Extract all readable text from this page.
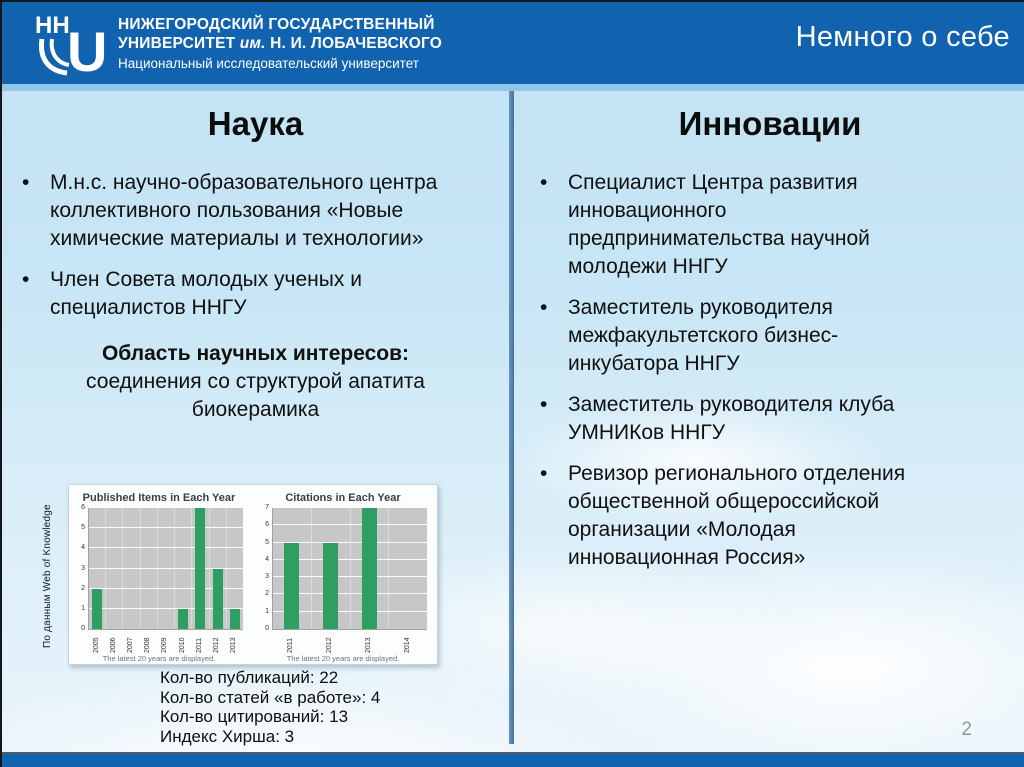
НН
U НИЖЕГОРОДСКИЙ ГОСУДАРСТВЕННЫЙ
УНИВЕРСИТЕТ им. Н. И. ЛОБАЧЕВСКОГО
Национальный исследовательский университет
Немного о себе
Наука
• М.н.с. научно-образовательного центра коллективного пользования «Новые химические материалы и технологии»
• Член Совета молодых ученых и специалистов ННГУ
Область научных интересов:
соединения со структурой апатита
биокерамика
По данным Web of Knowledge
Published Items in Each Year
0
1
2
3
4
5
6
2005 2006 2007 2008 2009 2010 2011 2012 2013
The latest 20 years are displayed.
Citations in Each Year
0
1
2
3
4
5
6
7
2011	2012	2013	2014
The latest 20 years are displayed.
Кол-во публикаций: 22
Кол-во статей «в работе»: 4
Кол-во цитирований: 13
Индекс Хирша: 3
Инновации
• Специалист Центра развития инновационного предпринимательства научной молодежи ННГУ
• Заместитель руководителя межфакультетского бизнес-инкубатора ННГУ
• Заместитель руководителя клуба УМНИКов ННГУ
• Ревизор регионального отделения общественной общероссийской организации «Молодая инновационная Россия»
2
